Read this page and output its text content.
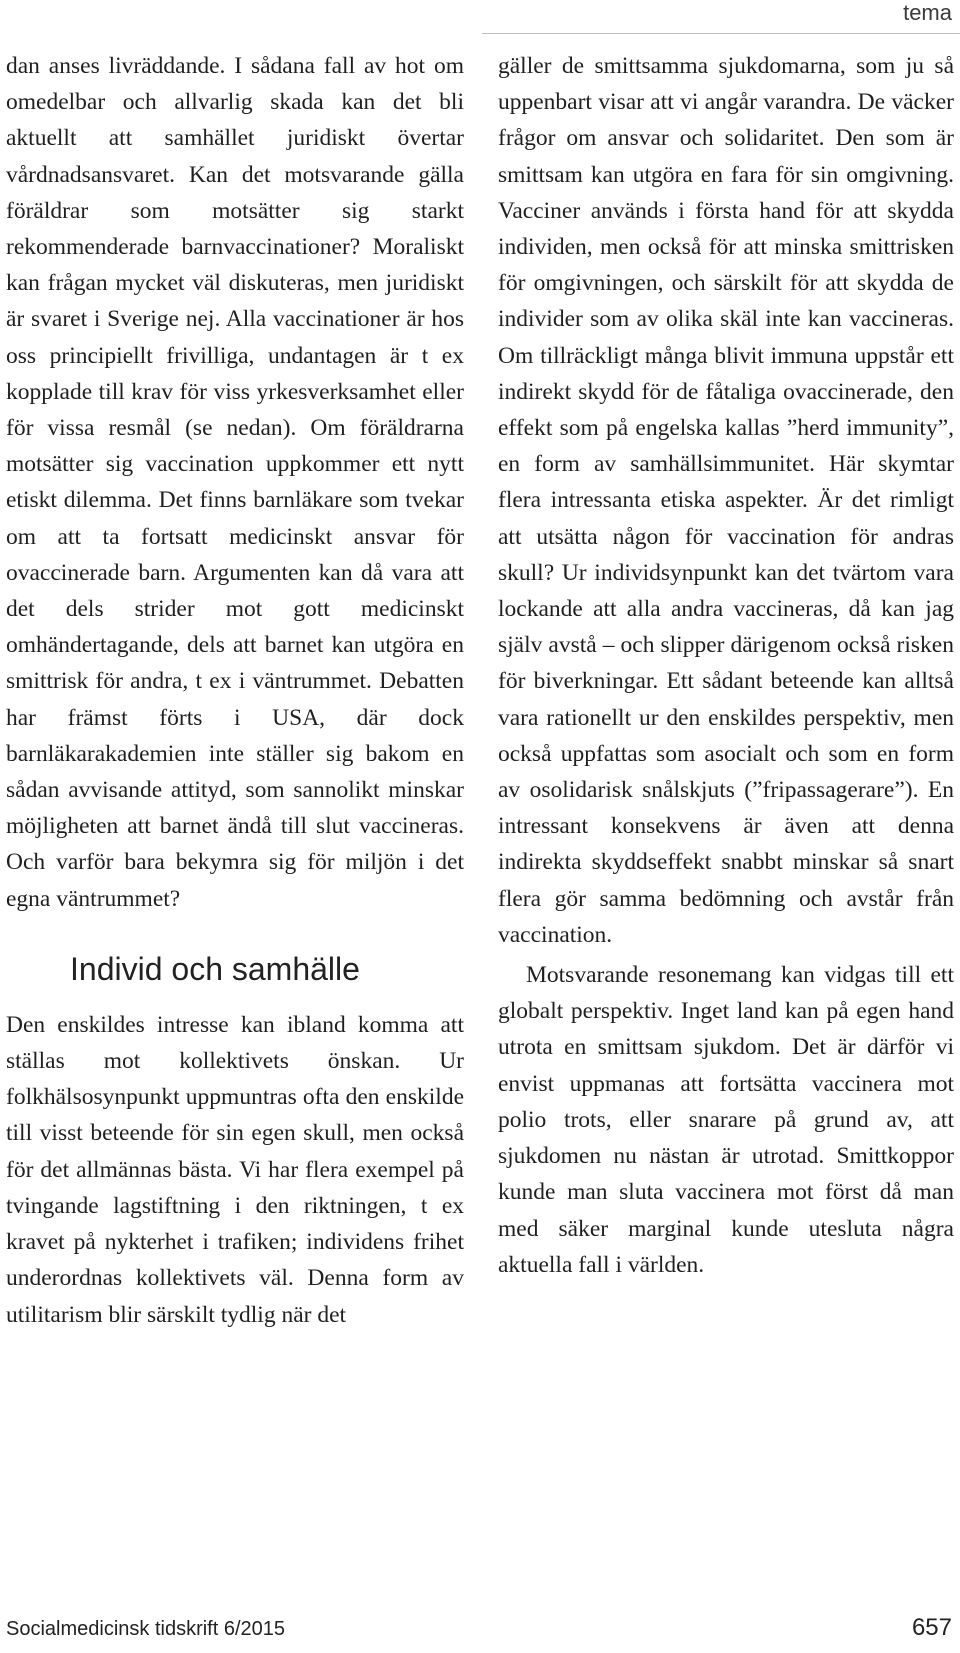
tema

dan anses livräddande. I sådana fall av hot om omedelbar och allvarlig skada kan det bli aktuellt att samhället juridiskt övertar vårdnadsansvaret. Kan det motsvarande gälla föräldrar som motsätter sig starkt rekommenderade barnvaccinationer? Moraliskt kan frågan mycket väl diskuteras, men juridiskt är svaret i Sverige nej. Alla vaccinationer är hos oss principiellt frivilliga, undantagen är t ex kopplade till krav för viss yrkesverksamhet eller för vissa resmål (se nedan). Om föräldrarna motsätter sig vaccination uppkommer ett nytt etiskt dilemma. Det finns barnläkare som tvekar om att ta fortsatt medicinskt ansvar för ovaccinerade barn. Argumenten kan då vara att det dels strider mot gott medicinskt omhändertagande, dels att barnet kan utgöra en smittrisk för andra, t ex i väntrummet. Debatten har främst förts i USA, där dock barnläkarakademien inte ställer sig bakom en sådan avvisande attityd, som sannolikt minskar möjligheten att barnet ändå till slut vaccineras. Och varför bara bekymra sig för miljön i det egna väntrummet?

Individ och samhälle

Den enskildes intresse kan ibland komma att ställas mot kollektivets önskan. Ur folkhälsosynpunkt uppmuntras ofta den enskilde till visst beteende för sin egen skull, men också för det allmännas bästa. Vi har flera exempel på tvingande lagstiftning i den riktningen, t ex kravet på nykterhet i trafiken; individens frihet underordnas kollektivets väl. Denna form av utilitarism blir särskilt tydlig när det

gäller de smittsamma sjukdomarna, som ju så uppenbart visar att vi angår varandra. De väcker frågor om ansvar och solidaritet. Den som är smittsam kan utgöra en fara för sin omgivning. Vacciner används i första hand för att skydda individen, men också för att minska smittrisken för omgivningen, och särskilt för att skydda de individer som av olika skäl inte kan vaccineras. Om tillräckligt många blivit immuna uppstår ett indirekt skydd för de fåtaliga ovaccinerade, den effekt som på engelska kallas ”herd immunity”, en form av samhällsimmunitet. Här skymtar flera intressanta etiska aspekter. Är det rimligt att utsätta någon för vaccination för andras skull? Ur individsynpunkt kan det tvärtom vara lockande att alla andra vaccineras, då kan jag själv avstå – och slipper därigenom också risken för biverkningar. Ett sådant beteende kan alltså vara rationellt ur den enskildes perspektiv, men också uppfattas som asocialt och som en form av osolidarisk snålskjuts (”fripassagerare”). En intressant konsekvens är även att denna indirekta skyddseffekt snabbt minskar så snart flera gör samma bedömning och avstår från vaccination.

Motsvarande resonemang kan vidgas till ett globalt perspektiv. Inget land kan på egen hand utrota en smittsam sjukdom. Det är därför vi envist uppmanas att fortsätta vaccinera mot polio trots, eller snarare på grund av, att sjukdomen nu nästan är utrotad. Smittkoppor kunde man sluta vaccinera mot först då man med säker marginal kunde utesluta några aktuella fall i världen.

Socialmedicinsk tidskrift 6/2015	657
